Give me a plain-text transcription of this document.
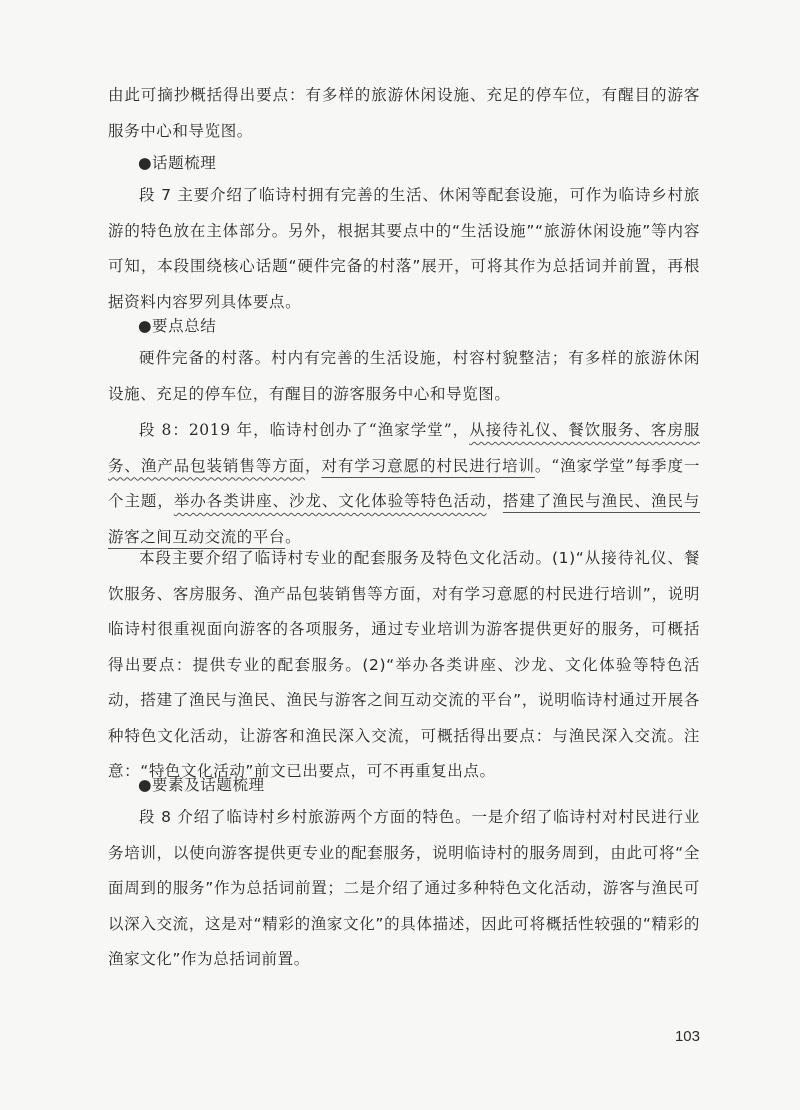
由此可摘抄概括得出要点：有多样的旅游休闲设施、充足的停车位，有醒目的游客服务中心和导览图。

●话题梳理

段 7 主要介绍了临诗村拥有完善的生活、休闲等配套设施，可作为临诗乡村旅游的特色放在主体部分。另外，根据其要点中的“生活设施”“旅游休闲设施”等内容可知，本段围绕核心话题“硬件完备的村落”展开，可将其作为总括词并前置，再根据资料内容罗列具体要点。

●要点总结

硬件完备的村落。村内有完善的生活设施，村容村貌整洁；有多样的旅游休闲设施、充足的停车位，有醒目的游客服务中心和导览图。

段 8：2019 年，临诗村创办了“渔家学堂”，从接待礼仪、餐饮服务、客房服务、渔产品包装销售等方面，对有学习意愿的村民进行培训。“渔家学堂”每季度一个主题，举办各类讲座、沙龙、文化体验等特色活动，搭建了渔民与渔民、渔民与游客之间互动交流的平台。

本段主要介绍了临诗村专业的配套服务及特色文化活动。(1)“从接待礼仪、餐饮服务、客房服务、渔产品包装销售等方面，对有学习意愿的村民进行培训”，说明临诗村很重视面向游客的各项服务，通过专业培训为游客提供更好的服务，可概括得出要点：提供专业的配套服务。(2)“举办各类讲座、沙龙、文化体验等特色活动，搭建了渔民与渔民、渔民与游客之间互动交流的平台”，说明临诗村通过开展各种特色文化活动，让游客和渔民深入交流，可概括得出要点：与渔民深入交流。注意：“特色文化活动”前文已出要点，可不再重复出点。

●要素及话题梳理

段 8 介绍了临诗村乡村旅游两个方面的特色。一是介绍了临诗村对村民进行业务培训，以使向游客提供更专业的配套服务，说明临诗村的服务周到，由此可将“全面周到的服务”作为总括词前置；二是介绍了通过多种特色文化活动，游客与渔民可以深入交流，这是对“精彩的渔家文化”的具体描述，因此可将概括性较强的“精彩的渔家文化”作为总括词前置。

103
